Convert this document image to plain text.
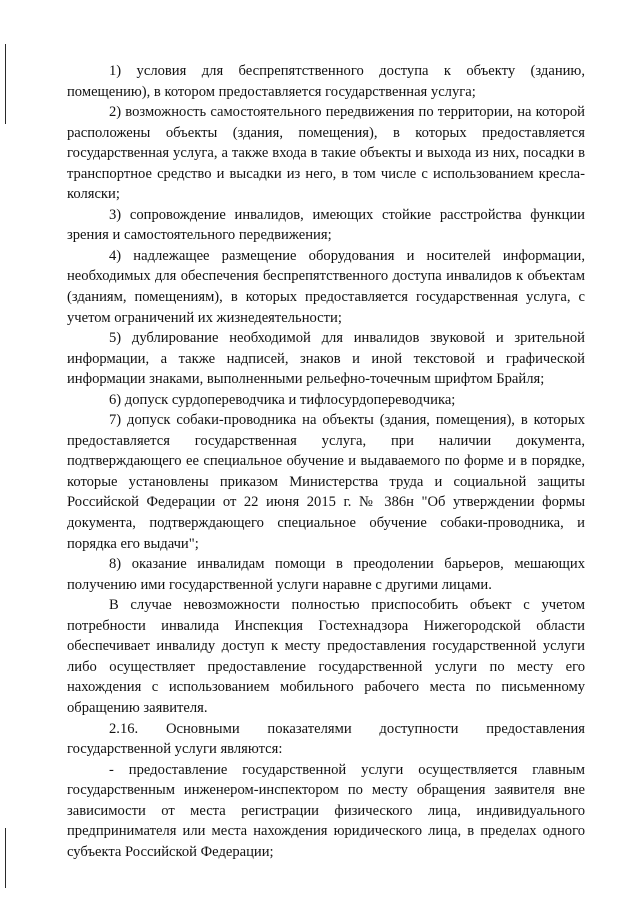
1) условия для беспрепятственного доступа к объекту (зданию, помещению), в котором предоставляется государственная услуга;

2) возможность самостоятельного передвижения по территории, на которой расположены объекты (здания, помещения), в которых предоставляется государственная услуга, а также входа в такие объекты и выхода из них, посадки в транспортное средство и высадки из него, в том числе с использованием кресла-коляски;

3) сопровождение инвалидов, имеющих стойкие расстройства функции зрения и самостоятельного передвижения;

4) надлежащее размещение оборудования и носителей информации, необходимых для обеспечения беспрепятственного доступа инвалидов к объектам (зданиям, помещениям), в которых предоставляется государственная услуга, с учетом ограничений их жизнедеятельности;

5) дублирование необходимой для инвалидов звуковой и зрительной информации, а также надписей, знаков и иной текстовой и графической информации знаками, выполненными рельефно-точечным шрифтом Брайля;

6) допуск сурдопереводчика и тифлосурдопереводчика;

7) допуск собаки-проводника на объекты (здания, помещения), в которых предоставляется государственная услуга, при наличии документа, подтверждающего ее специальное обучение и выдаваемого по форме и в порядке, которые установлены приказом Министерства труда и социальной защиты Российской Федерации от 22 июня 2015 г. № 386н "Об утверждении формы документа, подтверждающего специальное обучение собаки-проводника, и порядка его выдачи";

8) оказание инвалидам помощи в преодолении барьеров, мешающих получению ими государственной услуги наравне с другими лицами.

В случае невозможности полностью приспособить объект с учетом потребности инвалида Инспекция Гостехнадзора Нижегородской области обеспечивает инвалиду доступ к месту предоставления государственной услуги либо осуществляет предоставление государственной услуги по месту его нахождения с использованием мобильного рабочего места по письменному обращению заявителя.

2.16. Основными показателями доступности предоставления государственной услуги являются:

- предоставление государственной услуги осуществляется главным государственным инженером-инспектором по месту обращения заявителя вне зависимости от места регистрации физического лица, индивидуального предпринимателя или места нахождения юридического лица, в пределах одного субъекта Российской Федерации;
